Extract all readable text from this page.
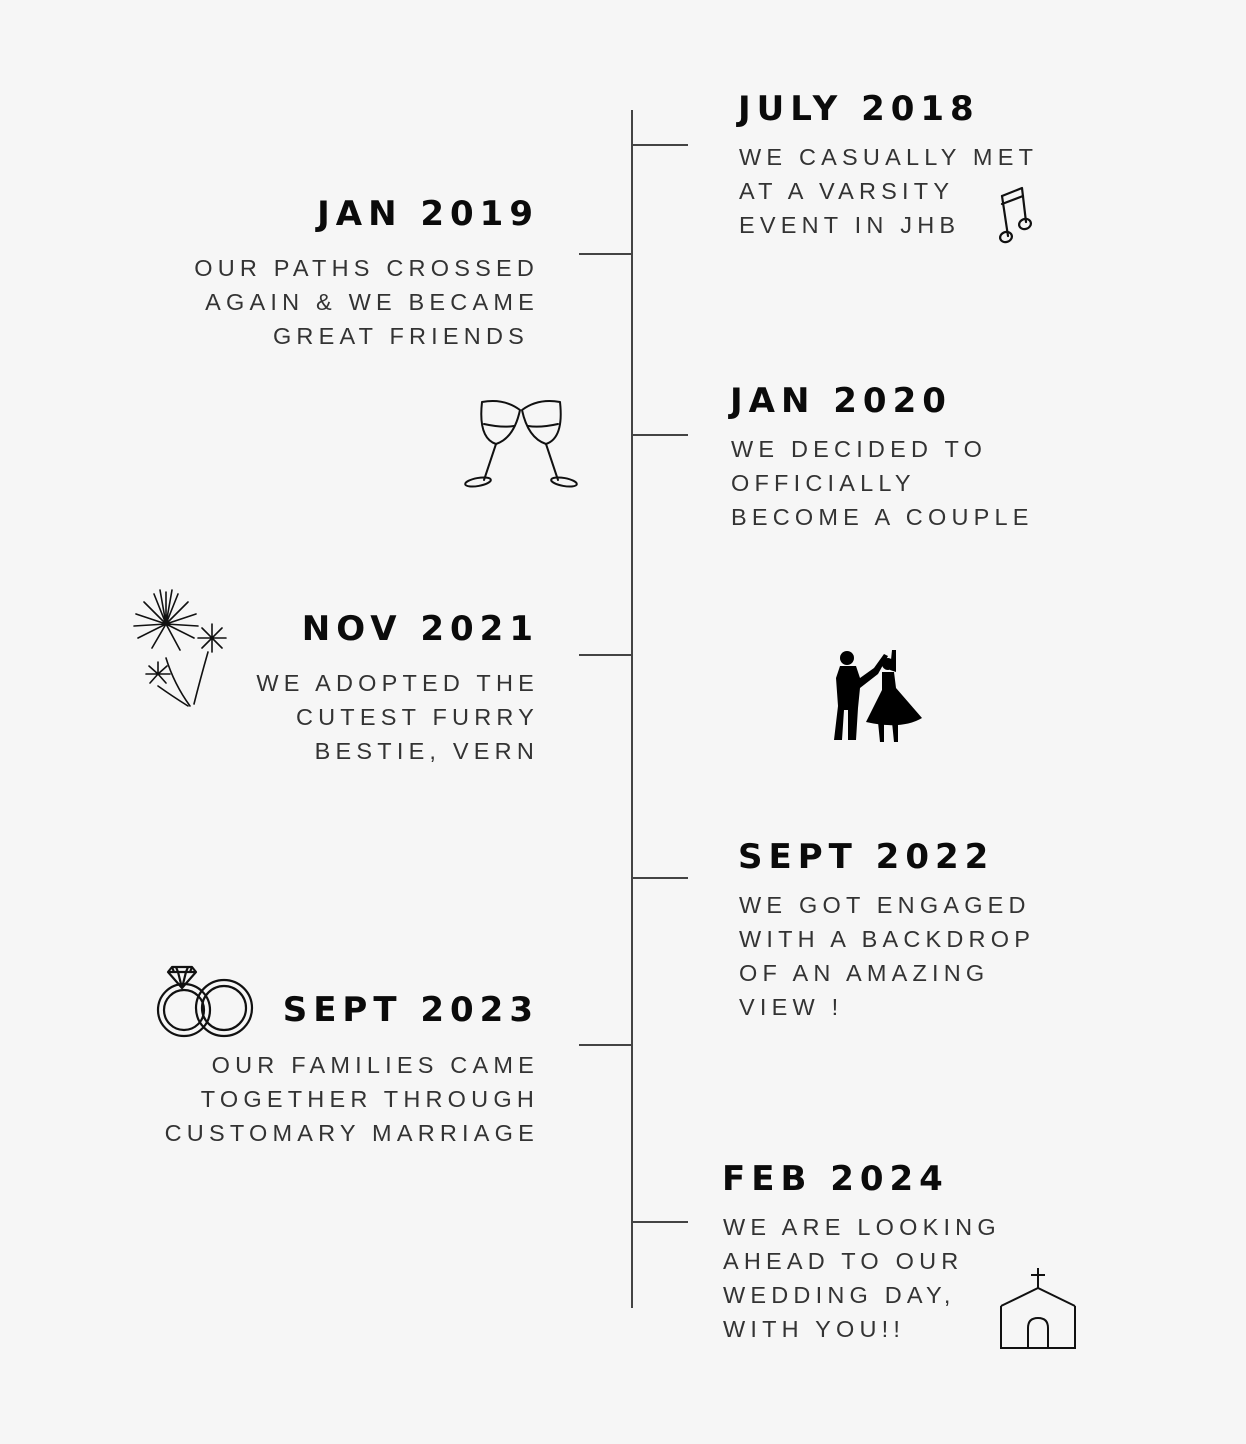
JULY 2018
WE CASUALLY MET
AT A VARSITY
EVENT IN JHB
JAN 2019
OUR PATHS CROSSED
AGAIN & WE BECAME
GREAT FRIENDS
JAN 2020
WE DECIDED TO
OFFICIALLY
BECOME A COUPLE
NOV 2021
WE ADOPTED THE
CUTEST FURRY
BESTIE, VERN
SEPT 2022
WE GOT ENGAGED
WITH A BACKDROP
OF AN AMAZING
VIEW !
SEPT 2023
OUR FAMILIES CAME
TOGETHER THROUGH
CUSTOMARY MARRIAGE
FEB 2024
WE ARE LOOKING
AHEAD TO OUR
WEDDING DAY,
WITH YOU!!
